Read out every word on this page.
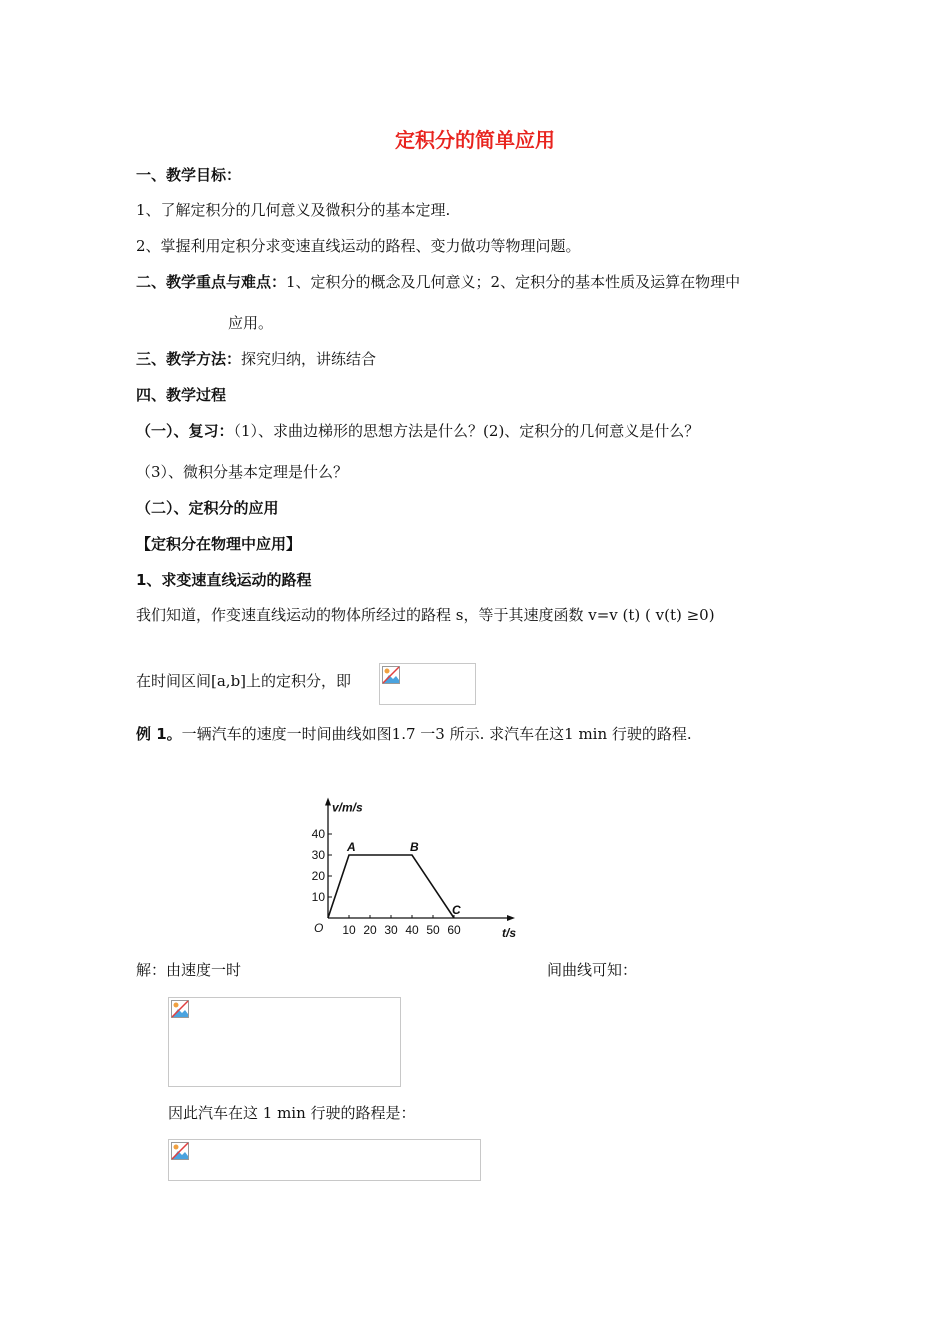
定积分的简单应用
一、教学目标：
1、了解定积分的几何意义及微积分的基本定理.
2、掌握利用定积分求变速直线运动的路程、变力做功等物理问题。
二、教学重点与难点：1、定积分的概念及几何意义；2、定积分的基本性质及运算在物理中
应用。
三、教学方法：探究归纳，讲练结合
四、教学过程
（一）、复习：（1）、求曲边梯形的思想方法是什么？(2)、定积分的几何意义是什么？
（3）、微积分基本定理是什么？
（二）、定积分的应用
【定积分在物理中应用】
1、求变速直线运动的路程
我们知道，作变速直线运动的物体所经过的路程 s，等于其速度函数 v=v (t) ( v(t) ≥0)
在时间区间[a,b]上的定积分，即
例 1。一辆汽车的速度一时间曲线如图1.7 一3 所示. 求汽车在这1 min 行驶的路程.
10
20
30
40
10 20 30 40 50 60
O	t/s
v/m/s
A	B
C
解：由速度一时	间曲线可知：
因此汽车在这 1 min 行驶的路程是：
